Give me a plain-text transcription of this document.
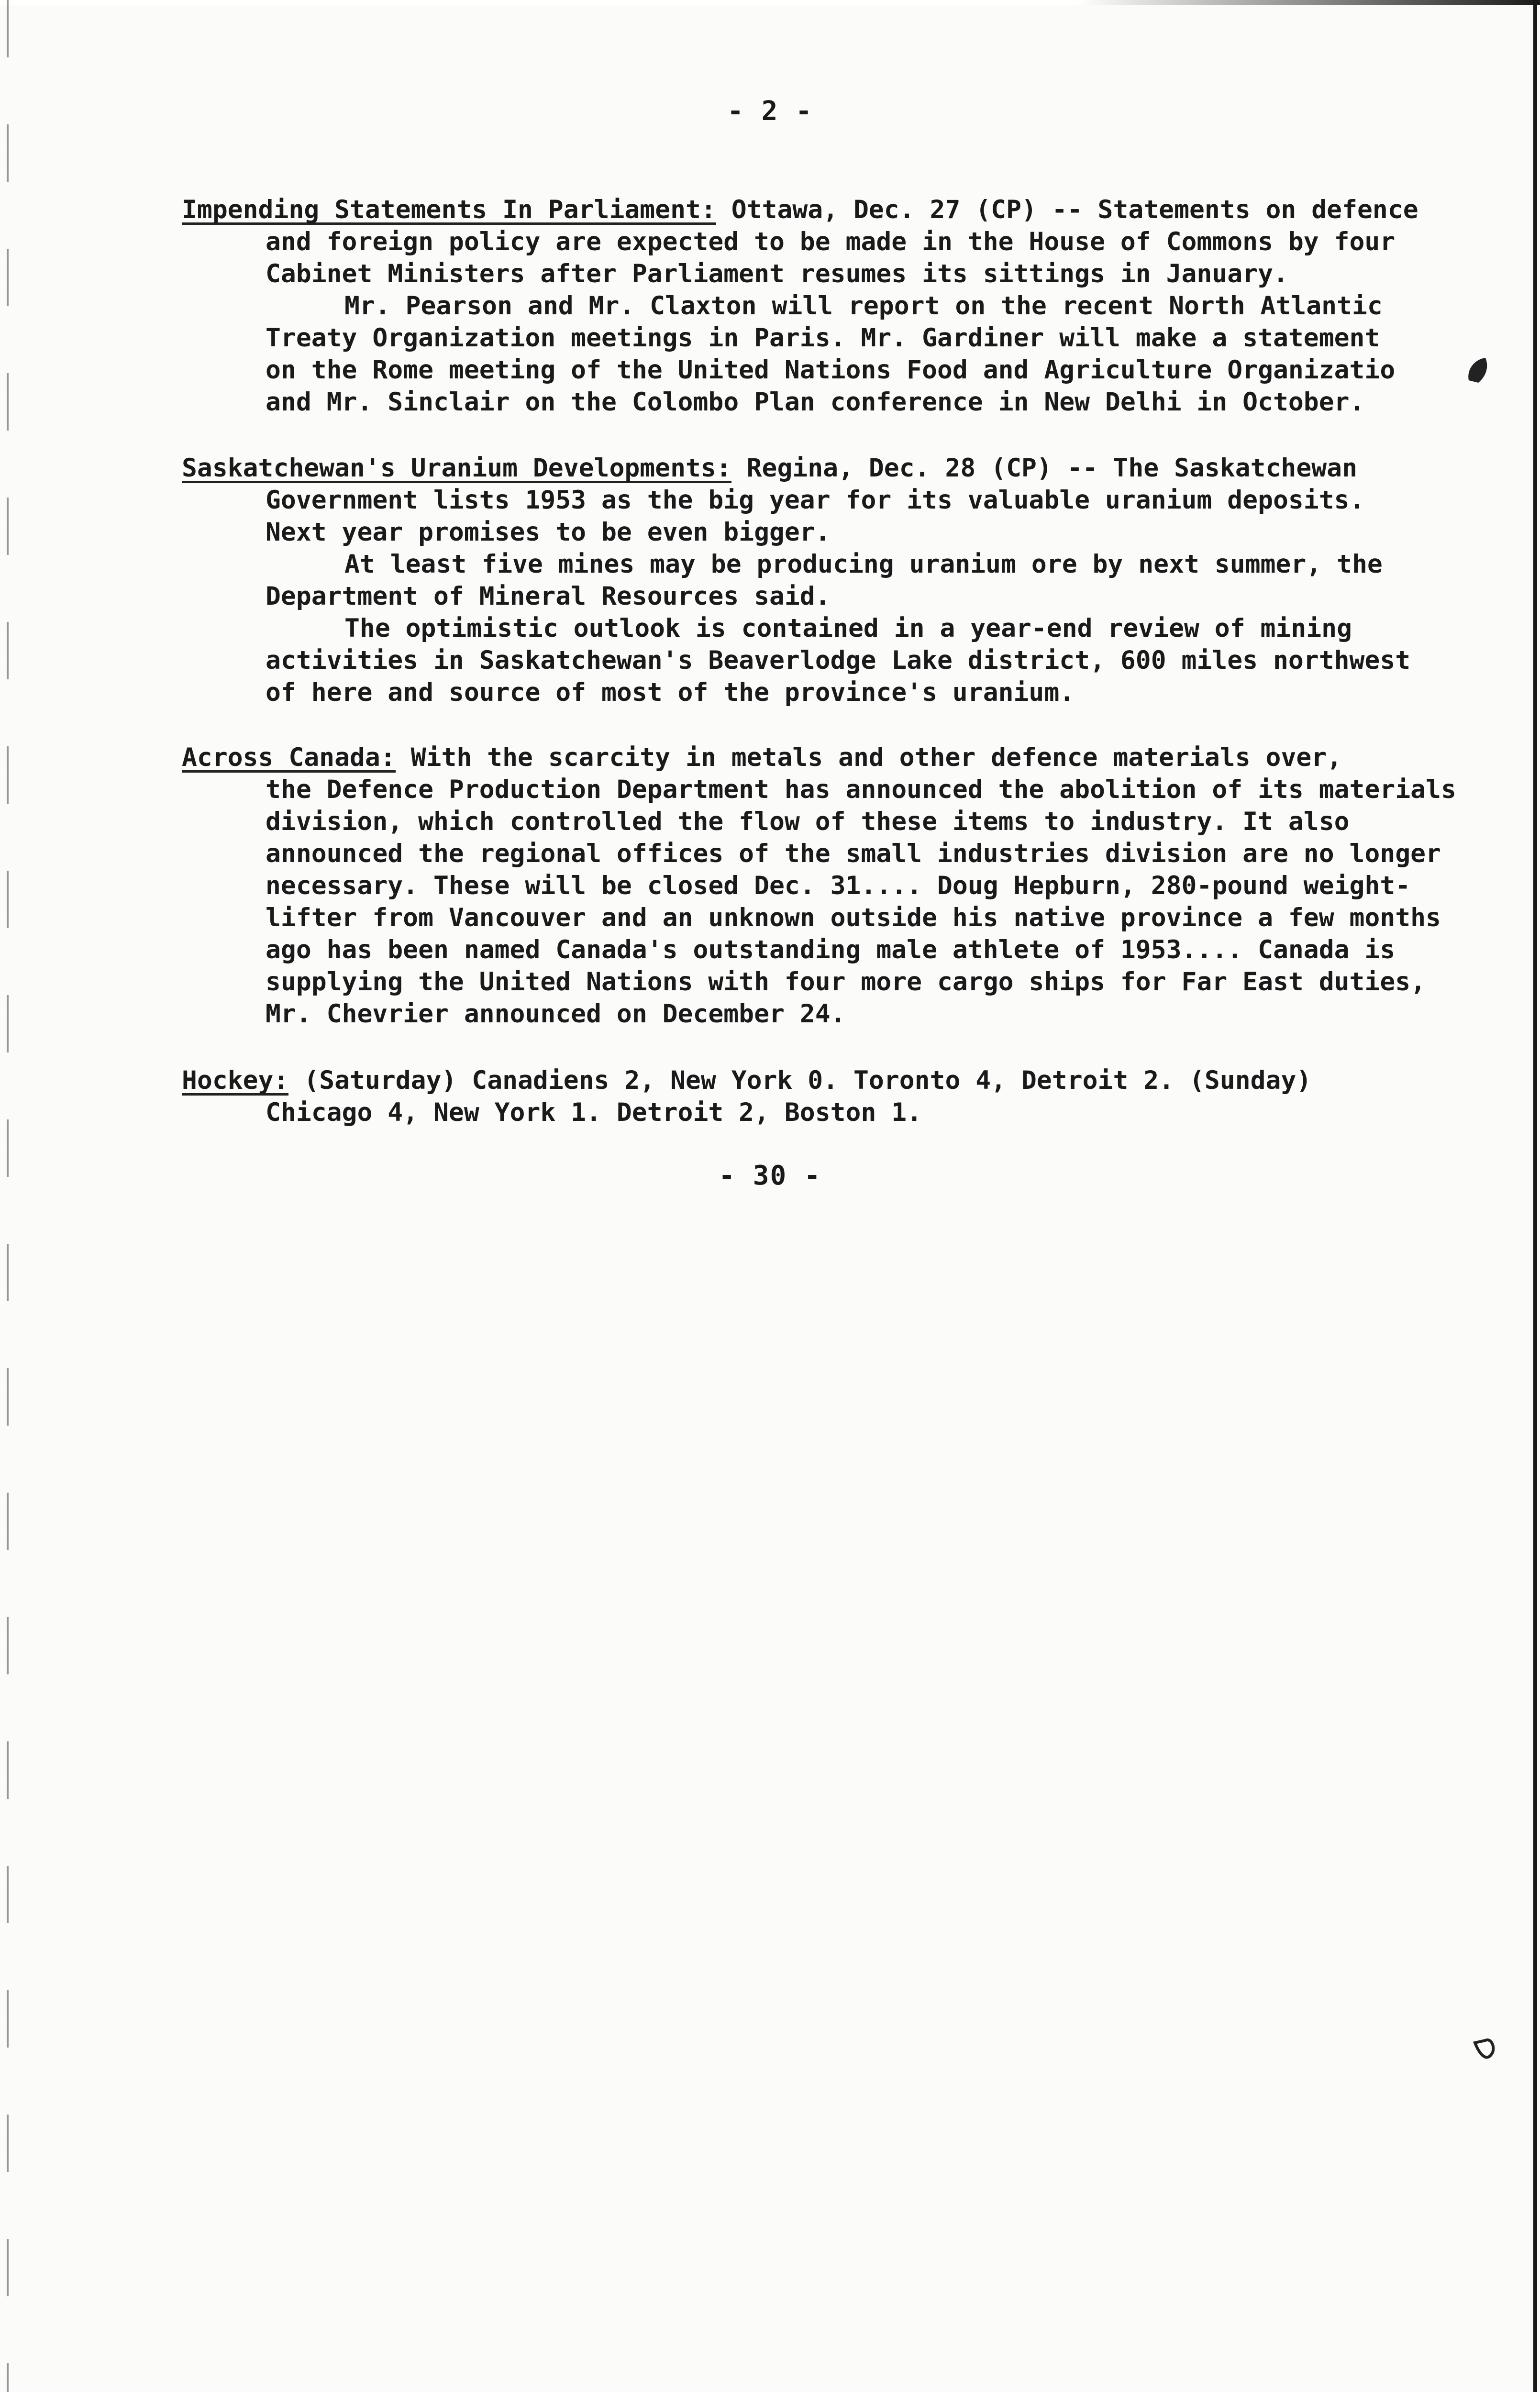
- 2 -
Impending Statements In Parliament: Ottawa, Dec. 27 (CP) -- Statements on defence
and foreign policy are expected to be made in the House of Commons by four
Cabinet Ministers after Parliament resumes its sittings in January.
Mr. Pearson and Mr. Claxton will report on the recent North Atlantic
Treaty Organization meetings in Paris. Mr. Gardiner will make a statement
on the Rome meeting of the United Nations Food and Agriculture Organizatio
and Mr. Sinclair on the Colombo Plan conference in New Delhi in October.
Saskatchewan's Uranium Developments: Regina, Dec. 28 (CP) -- The Saskatchewan
Government lists 1953 as the big year for its valuable uranium deposits.
Next year promises to be even bigger.
At least five mines may be producing uranium ore by next summer, the
Department of Mineral Resources said.
The optimistic outlook is contained in a year-end review of mining
activities in Saskatchewan's Beaverlodge Lake district, 600 miles northwest
of here and source of most of the province's uranium.
Across Canada: With the scarcity in metals and other defence materials over,
the Defence Production Department has announced the abolition of its materials
division, which controlled the flow of these items to industry. It also
announced the regional offices of the small industries division are no longer
necessary. These will be closed Dec. 31.... Doug Hepburn, 280-pound weight-
lifter from Vancouver and an unknown outside his native province a few months
ago has been named Canada's outstanding male athlete of 1953.... Canada is
supplying the United Nations with four more cargo ships for Far East duties,
Mr. Chevrier announced on December 24.
Hockey: (Saturday) Canadiens 2, New York 0. Toronto 4, Detroit 2. (Sunday)
Chicago 4, New York 1. Detroit 2, Boston 1.
- 30 -
